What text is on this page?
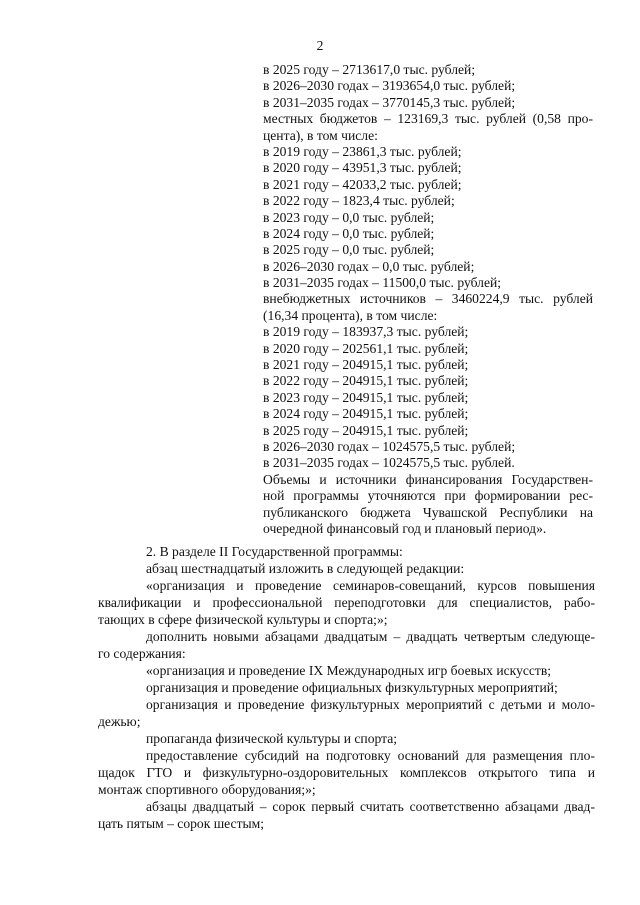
2
в 2025 году – 2713617,0 тыс. рублей;
в 2026–2030 годах – 3193654,0 тыс. рублей;
в 2031–2035 годах – 3770145,3 тыс. рублей;
местных бюджетов – 123169,3 тыс. рублей (0,58 про-
цента), в том числе:
в 2019 году – 23861,3 тыс. рублей;
в 2020 году – 43951,3 тыс. рублей;
в 2021 году – 42033,2 тыс. рублей;
в 2022 году – 1823,4 тыс. рублей;
в 2023 году – 0,0 тыс. рублей;
в 2024 году – 0,0 тыс. рублей;
в 2025 году – 0,0 тыс. рублей;
в 2026–2030 годах – 0,0 тыс. рублей;
в 2031–2035 годах – 11500,0 тыс. рублей;
внебюджетных источников – 3460224,9 тыс. рублей
(16,34 процента), в том числе:
в 2019 году – 183937,3 тыс. рублей;
в 2020 году – 202561,1 тыс. рублей;
в 2021 году – 204915,1 тыс. рублей;
в 2022 году – 204915,1 тыс. рублей;
в 2023 году – 204915,1 тыс. рублей;
в 2024 году – 204915,1 тыс. рублей;
в 2025 году – 204915,1 тыс. рублей;
в 2026–2030 годах – 1024575,5 тыс. рублей;
в 2031–2035 годах – 1024575,5 тыс. рублей.
Объемы и источники финансирования Государствен-
ной программы уточняются при формировании рес-
публиканского бюджета Чувашской Республики на
очередной финансовый год и плановый период».
2. В разделе II Государственной программы:
абзац шестнадцатый изложить в следующей редакции:
«организация и проведение семинаров-совещаний, курсов повышения
квалификации и профессиональной переподготовки для специалистов, рабо-
тающих в сфере физической культуры и спорта;»;
дополнить новыми абзацами двадцатым – двадцать четвертым следующе-
го содержания:
«организация и проведение IX Международных игр боевых искусств;
организация и проведение официальных физкультурных мероприятий;
организация и проведение физкультурных мероприятий с детьми и моло-
дежью;
пропаганда физической культуры и спорта;
предоставление субсидий на подготовку оснований для размещения пло-
щадок ГТО и физкультурно-оздоровительных комплексов открытого типа и
монтаж спортивного оборудования;»;
абзацы двадцатый – сорок первый считать соответственно абзацами двад-
цать пятым – сорок шестым;
